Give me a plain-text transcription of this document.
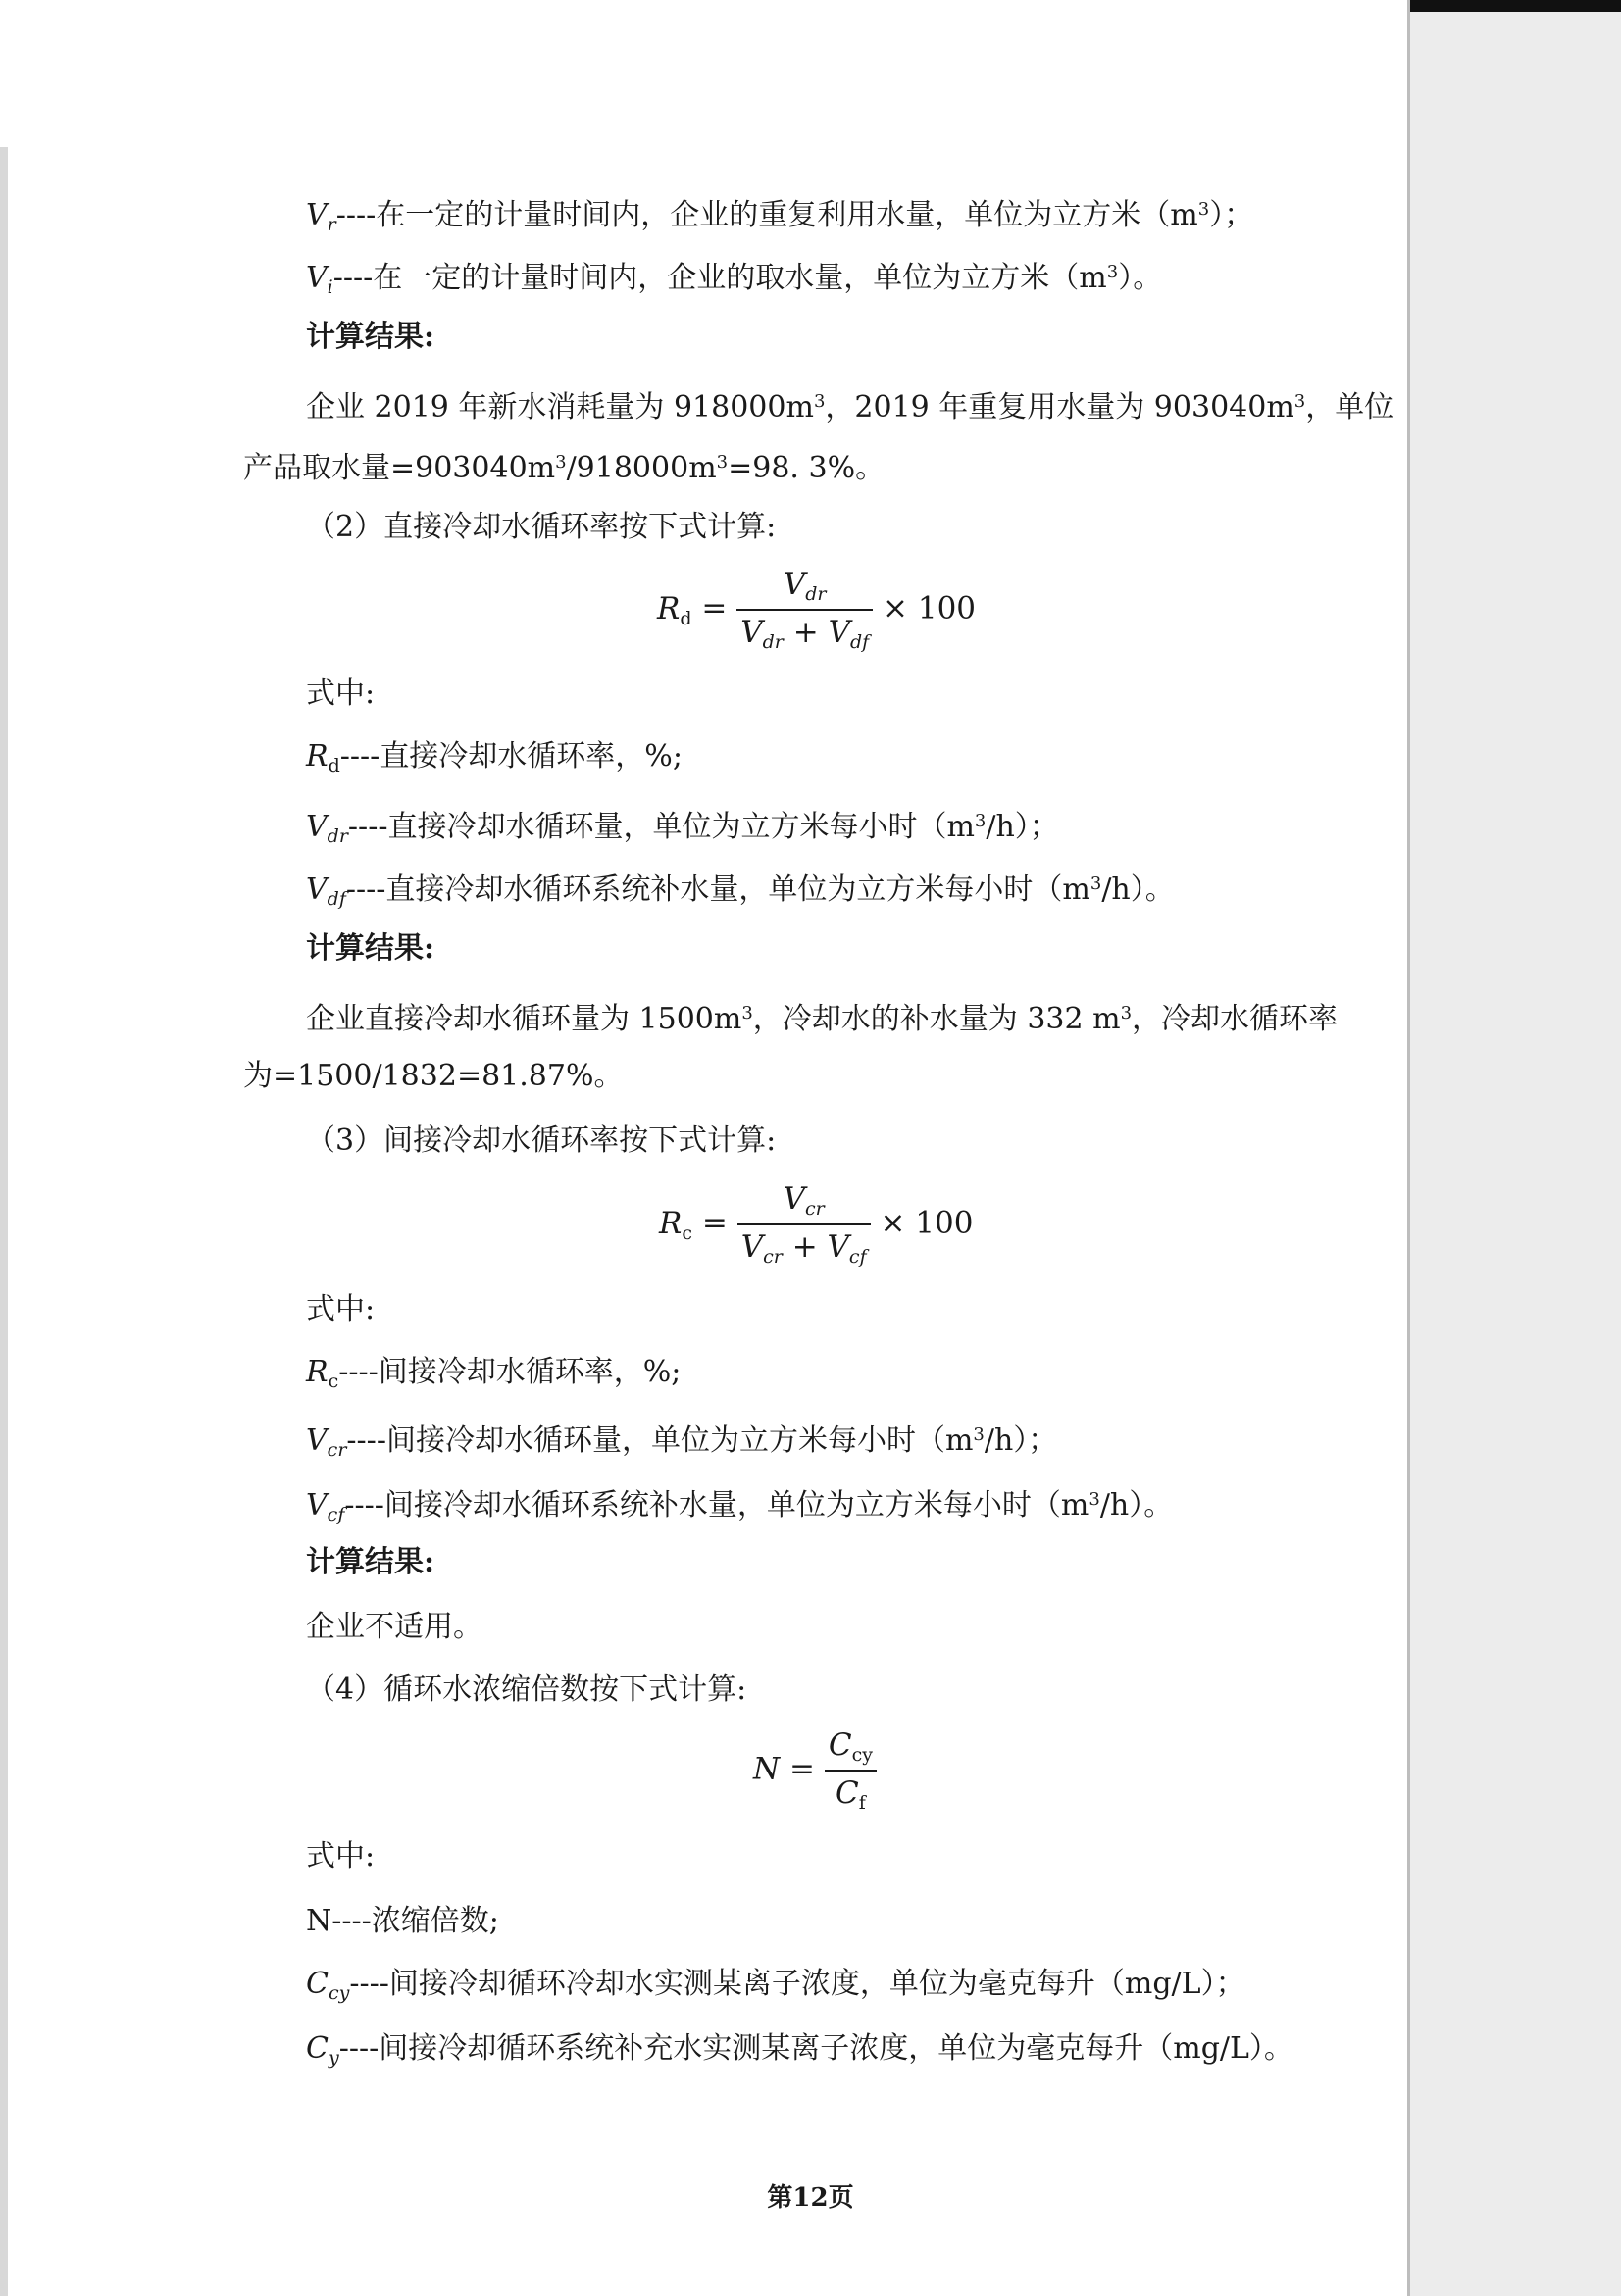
$V_r----$在一定的计量时间内，企业的重复利用水量，单位为立方米$(m^3)$；
$V_i----$在一定的计量时间内，企业的取水量，单位为立方米$(m^3)$。
计算结果:
企业 2019 年新水消耗量为 $918000m^3$，2019 年重复用水量为 $903040m^3$，单位
产品取水量$=903040m^3/918000m^3=98$. 3%。
（2）直接冷却水循环率按下式计算:
$R_d = \frac{V_{dr}}{V_{dr} + V_{df}} \times 100$
式中:
$R_d----$直接冷却水循环率，%;
$V_{dr}----$直接冷却水循环量，单位为立方米每小时$(m^3/h)$；
$V_{df}----$直接冷却水循环系统补水量，单位为立方米每小时$(m^3/h)$。
计算结果:
企业直接冷却水循环量为 $1500m^3$，冷却水的补水量为 332 $m^3$，冷却水循环率
为=1500/1832=81.87%。
（3）间接冷却水循环率按下式计算:
$R_c = \frac{V_{cr}}{V_{cr} + V_{cf}} \times 100$
式中:
$R_c----$间接冷却水循环率，%;
$V_{cr}----$间接冷却水循环量，单位为立方米每小时$(m^3/h)$；
$V_{cf}----$间接冷却水循环系统补水量，单位为立方米每小时$(m^3/h)$。
计算结果:
企业不适用。
（4）循环水浓缩倍数按下式计算:
$N = \frac{C_{cy}}{C_f}$
式中:
N----浓缩倍数;
$C_{cy}----$间接冷却循环冷却水实测某离子浓度，单位为毫克每升（mg/L）；
$C_y----$间接冷却循环系统补充水实测某离子浓度，单位为毫克每升（mg/L）。
第12页
